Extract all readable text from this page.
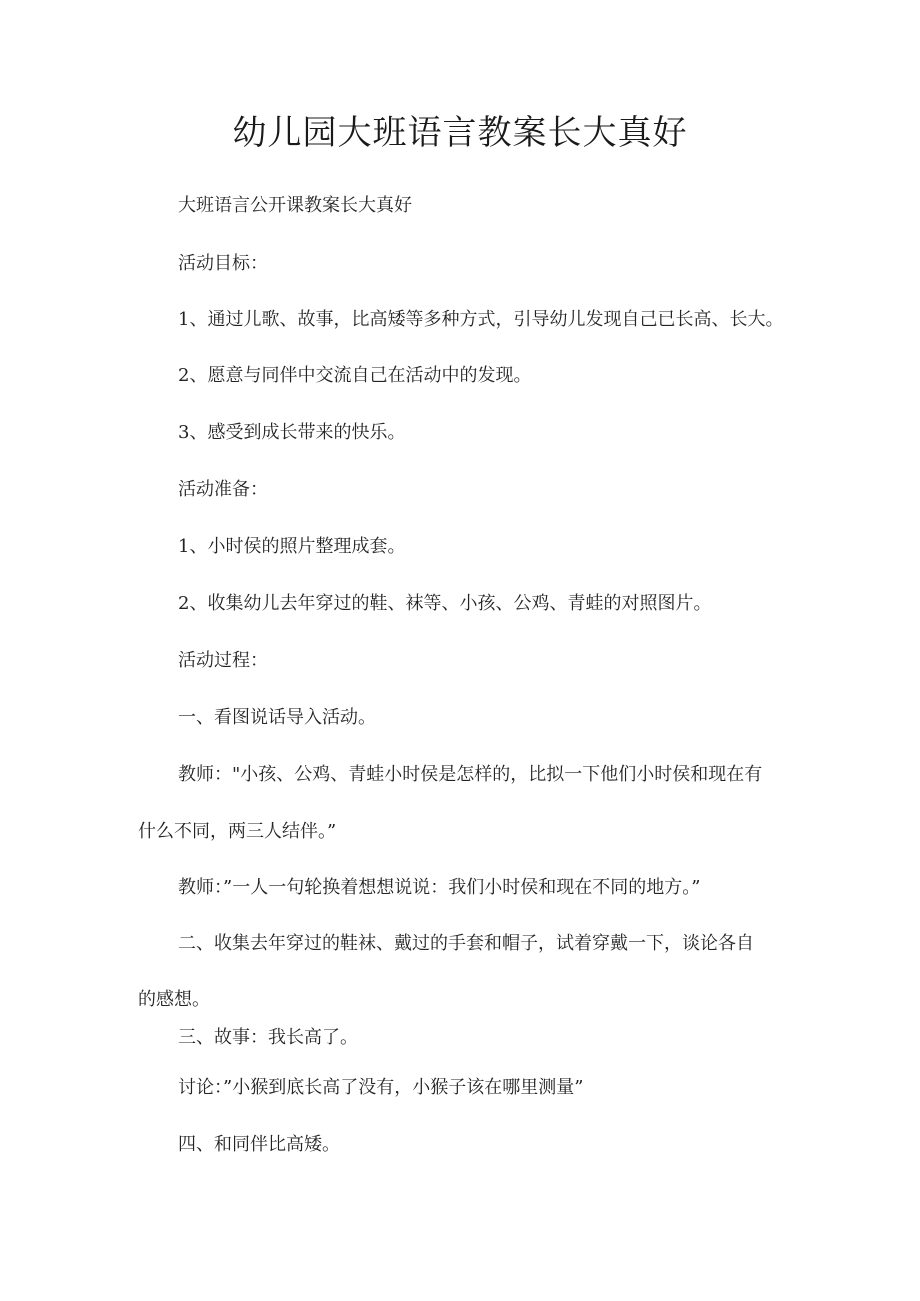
幼儿园大班语言教案长大真好

大班语言公开课教案长大真好

活动目标：

1、通过儿歌、故事，比高矮等多种方式，引导幼儿发现自己已长高、长大。

2、愿意与同伴中交流自己在活动中的发现。

3、感受到成长带来的快乐。

活动准备：

1、小时侯的照片整理成套。

2、收集幼儿去年穿过的鞋、袜等、小孩、公鸡、青蛙的对照图片。

活动过程：

一、看图说话导入活动。

教师："小孩、公鸡、青蛙小时侯是怎样的，比拟一下他们小时侯和现在有

什么不同，两三人结伴。”

教师：”一人一句轮换着想想说说：我们小时侯和现在不同的地方。”

二、收集去年穿过的鞋袜、戴过的手套和帽子，试着穿戴一下，谈论各自

的感想。

三、故事：我长高了。

讨论：”小猴到底长高了没有，小猴子该在哪里测量”

四、和同伴比高矮。
